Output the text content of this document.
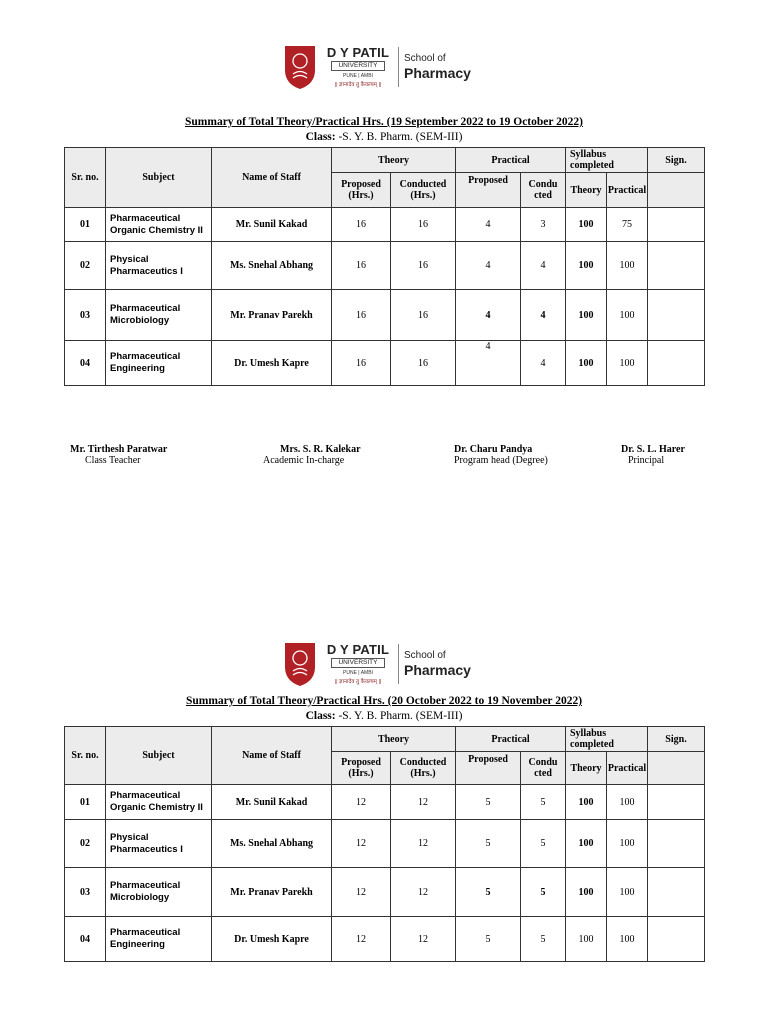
D Y PATIL
UNIVERSITY
PUNE | AMBI
|| ज्ञानादेव तु कैवल्यम् ||
School of
Pharmacy
Summary of Total Theory/Practical Hrs. (19 September 2022 to 19 October 2022)
Class: -S. Y. B. Pharm. (SEM-III)
Sr. no.	Subject	Name of Staff	Theory		Practical		Syllabus completed		Sign.
			Proposed (Hrs.)	Conducted (Hrs.)	Proposed	Condu cted	Theory	Practical	
01	Pharmaceutical Organic Chemistry II	Mr. Sunil Kakad	16	16	4	3	100	75	
02	Physical Pharmaceutics I	Ms. Snehal Abhang	16	16	4	4	100	100	
03	Pharmaceutical Microbiology	Mr. Pranav Parekh	16	16	4	4	100	100	
04	Pharmaceutical Engineering	Dr. Umesh Kapre	16	16	4	4	100	100	
Mr. Tirthesh Paratwar
Class Teacher
Mrs. S. R. Kalekar
Academic In-charge
Dr. Charu Pandya
Program head (Degree)
Dr. S. L. Harer
Principal
D Y PATIL
UNIVERSITY
PUNE | AMBI
|| ज्ञानादेव तु कैवल्यम् ||
School of
Pharmacy
Summary of Total Theory/Practical Hrs. (20 October 2022 to 19 November 2022)
Class: -S. Y. B. Pharm. (SEM-III)
Sr. no.	Subject	Name of Staff	Theory		Practical		Syllabus completed		Sign.
			Proposed (Hrs.)	Conducted (Hrs.)	Proposed	Condu cted	Theory	Practical	
01	Pharmaceutical Organic Chemistry II	Mr. Sunil Kakad	12	12	5	5	100	100	
02	Physical Pharmaceutics I	Ms. Snehal Abhang	12	12	5	5	100	100	
03	Pharmaceutical Microbiology	Mr. Pranav Parekh	12	12	5	5	100	100	
04	Pharmaceutical Engineering	Dr. Umesh Kapre	12	12	5	5	100	100	
